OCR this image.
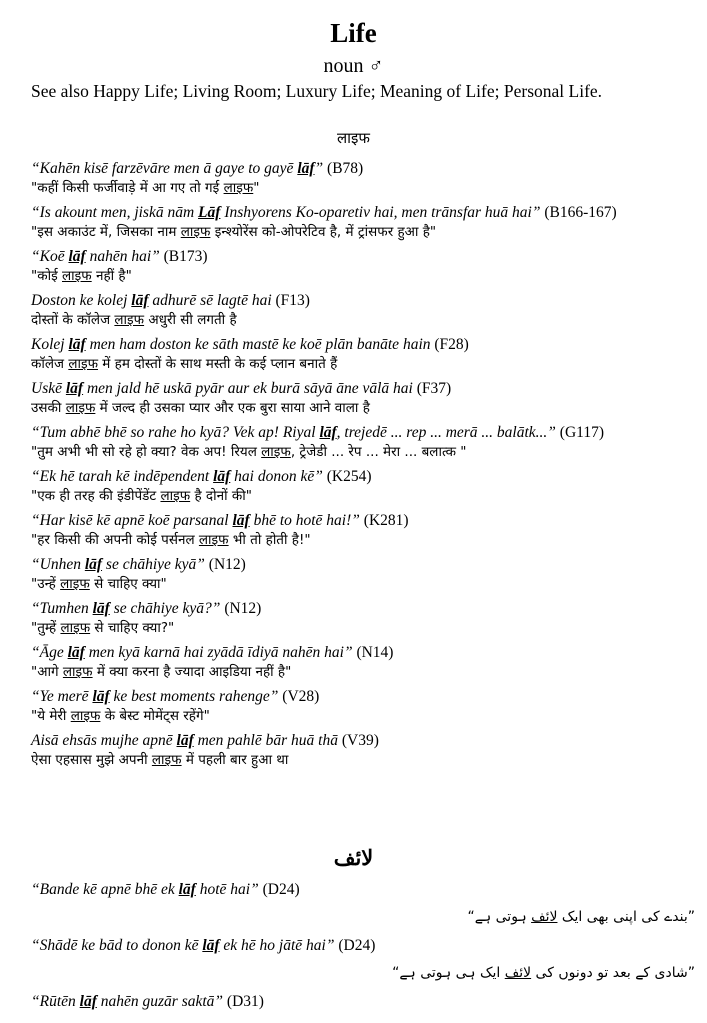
Life
noun ♂
See also Happy Life; Living Room; Luxury Life; Meaning of Life; Personal Life.
लाइफ
“Kahēn kisē farzēvāre men ā gaye to gayē lāf” (B78)
"कहीं किसी फर्जीवाड़े में आ गए तो गई लाइफ"
“Is akount men, jiskā nām Lāf Inshyorens Ko-oparetiv hai, men trānsfar huā hai” (B166-167)
"इस अकाउंट में, जिसका नाम लाइफ इन्श्योरेंस को-ओपरेटिव है, में ट्रांसफर हुआ है"
“Koē lāf nahēn hai” (B173)
"कोई लाइफ नहीं है"
Doston ke kolej lāf adhurē sē lagtē hai (F13)
दोस्तों के कॉलेज लाइफ अधुरी सी लगती है
Kolej lāf men ham doston ke sāth mastē ke koē plān banāte hain (F28)
कॉलेज लाइफ में हम दोस्तों के साथ मस्ती के कई प्लान बनाते हैं
Uskē lāf men jald hē uskā pyār aur ek burā sāyā āne vālā hai (F37)
उसकी लाइफ में जल्द ही उसका प्यार और एक बुरा साया आने वाला है
“Tum abhē bhē so rahe ho kyā? Vek ap! Riyal lāf, trejedē ... rep ... merā ... balātk...” (G117)
"तुम अभी भी सो रहे हो क्या? वेक अप! रियल लाइफ, ट्रेजेडी ... रेप ... मेरा ... बलात्क "
“Ek hē tarah kē indēpendent lāf hai donon kē” (K254)
"एक ही तरह की इंडीपेंडेंट लाइफ है दोनों की"
“Har kisē kē apnē koē parsanal lāf bhē to hotē hai!” (K281)
"हर किसी की अपनी कोई पर्सनल लाइफ भी तो होती है!"
“Unhen lāf se chāhiye kyā” (N12)
"उन्हें लाइफ से चाहिए क्या"
“Tumhen lāf se chāhiye kyā?” (N12)
"तुम्हें लाइफ से चाहिए क्या?"
“Āge lāf men kyā karnā hai zyādā īdiyā nahēn hai” (N14)
"आगे लाइफ में क्या करना है ज्यादा आइडिया नहीं है"
“Ye merē lāf ke best moments rahenge” (V28)
"ये मेरी लाइफ के बेस्ट मोमेंट्स रहेंगे"
Aisā ehsās mujhe apnē lāf men pahlē bār huā thā (V39)
ऐसा एहसास मुझे अपनी लाइफ में पहली बार हुआ था
لائف
“Bande kē apnē bhē ek lāf hotē hai” (D24)
”بندے کی اپنی بھی ایک لائف ہوتی ہے“
“Shādē ke bād to donon kē lāf ek hē ho jātē hai” (D24)
”شادی کے بعد تو دونوں کی لائف ایک ہی ہوتی ہے“
“Rūtēn lāf nahēn guzār saktā” (D31)
